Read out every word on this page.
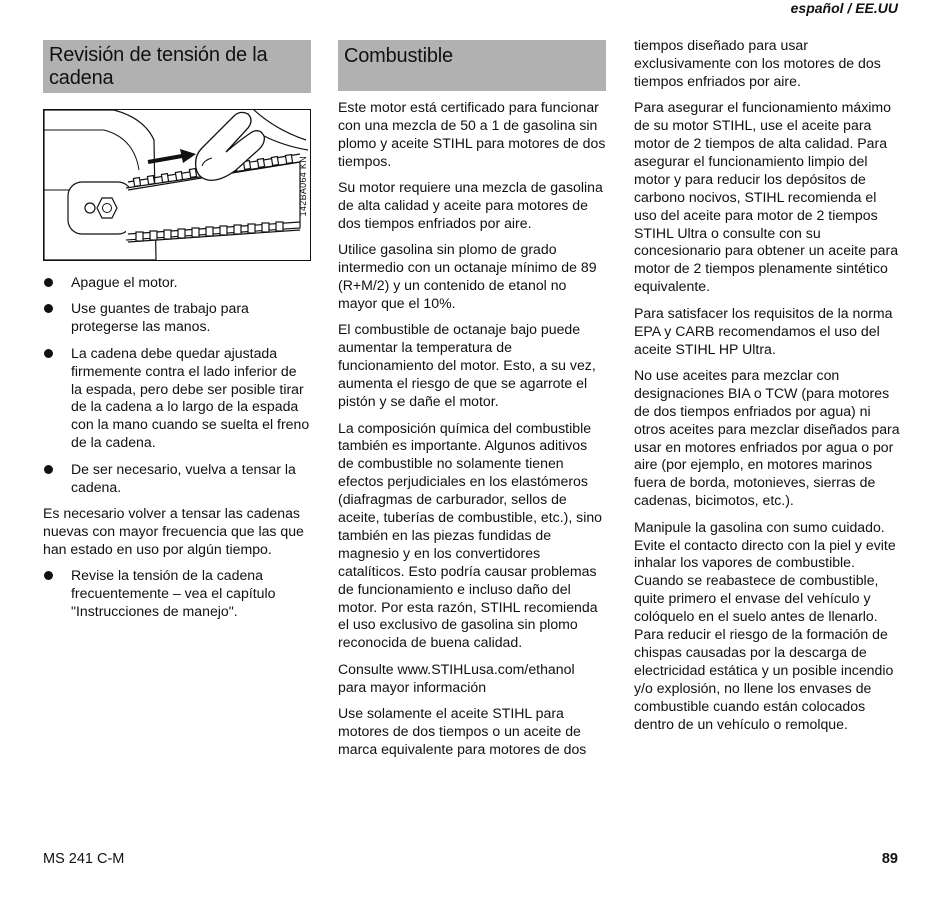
español / EE.UU
Revisión de tensión de la cadena
142BA064 KN
Apague el motor.
Use guantes de trabajo para protegerse las manos.
La cadena debe quedar ajustada firmemente contra el lado inferior de la espada, pero debe ser posible tirar de la cadena a lo largo de la espada con la mano cuando se suelta el freno de la cadena.
De ser necesario, vuelva a tensar la cadena.

Es necesario volver a tensar las cadenas nuevas con mayor frecuencia que las que han estado en uso por algún tiempo.

Revise la tensión de la cadena frecuentemente – vea el capítulo "Instrucciones de manejo".
Combustible

Este motor está certificado para funcionar con una mezcla de 50 a 1 de gasolina sin plomo y aceite STIHL para motores de dos tiempos.

Su motor requiere una mezcla de gasolina de alta calidad y aceite para motores de dos tiempos enfriados por aire.

Utilice gasolina sin plomo de grado intermedio con un octanaje mínimo de 89 (R+M/2) y un contenido de etanol no mayor que el 10%.

El combustible de octanaje bajo puede aumentar la temperatura de funcionamiento del motor. Esto, a su vez, aumenta el riesgo de que se agarrote el pistón y se dañe el motor.

La composición química del combustible también es importante. Algunos aditivos de combustible no solamente tienen efectos perjudiciales en los elastómeros (diafragmas de carburador, sellos de aceite, tuberías de combustible, etc.), sino también en las piezas fundidas de magnesio y en los convertidores catalíticos. Esto podría causar problemas de funcionamiento e incluso daño del motor. Por esta razón, STIHL recomienda el uso exclusivo de gasolina sin plomo reconocida de buena calidad.

Consulte www.STIHLusa.com/ethanol para mayor información

Use solamente el aceite STIHL para motores de dos tiempos o un aceite de marca equivalente para motores de dos

tiempos diseñado para usar exclusivamente con los motores de dos tiempos enfriados por aire.

Para asegurar el funcionamiento máximo de su motor STIHL, use el aceite para motor de 2 tiempos de alta calidad. Para asegurar el funcionamiento limpio del motor y para reducir los depósitos de carbono nocivos, STIHL recomienda el uso del aceite para motor de 2 tiempos STIHL Ultra o consulte con su concesionario para obtener un aceite para motor de 2 tiempos plenamente sintético equivalente.

Para satisfacer los requisitos de la norma EPA y CARB recomendamos el uso del aceite STIHL HP Ultra.

No use aceites para mezclar con designaciones BIA o TCW (para motores de dos tiempos enfriados por agua) ni otros aceites para mezclar diseñados para usar en motores enfriados por agua o por aire (por ejemplo, en motores marinos fuera de borda, motonieves, sierras de cadenas, bicimotos, etc.).

Manipule la gasolina con sumo cuidado. Evite el contacto directo con la piel y evite inhalar los vapores de combustible. Cuando se reabastece de combustible, quite primero el envase del vehículo y colóquelo en el suelo antes de llenarlo. Para reducir el riesgo de la formación de chispas causadas por la descarga de electricidad estática y un posible incendio y/o explosión, no llene los envases de combustible cuando están colocados dentro de un vehículo o remolque.

MS 241 C-M	89
